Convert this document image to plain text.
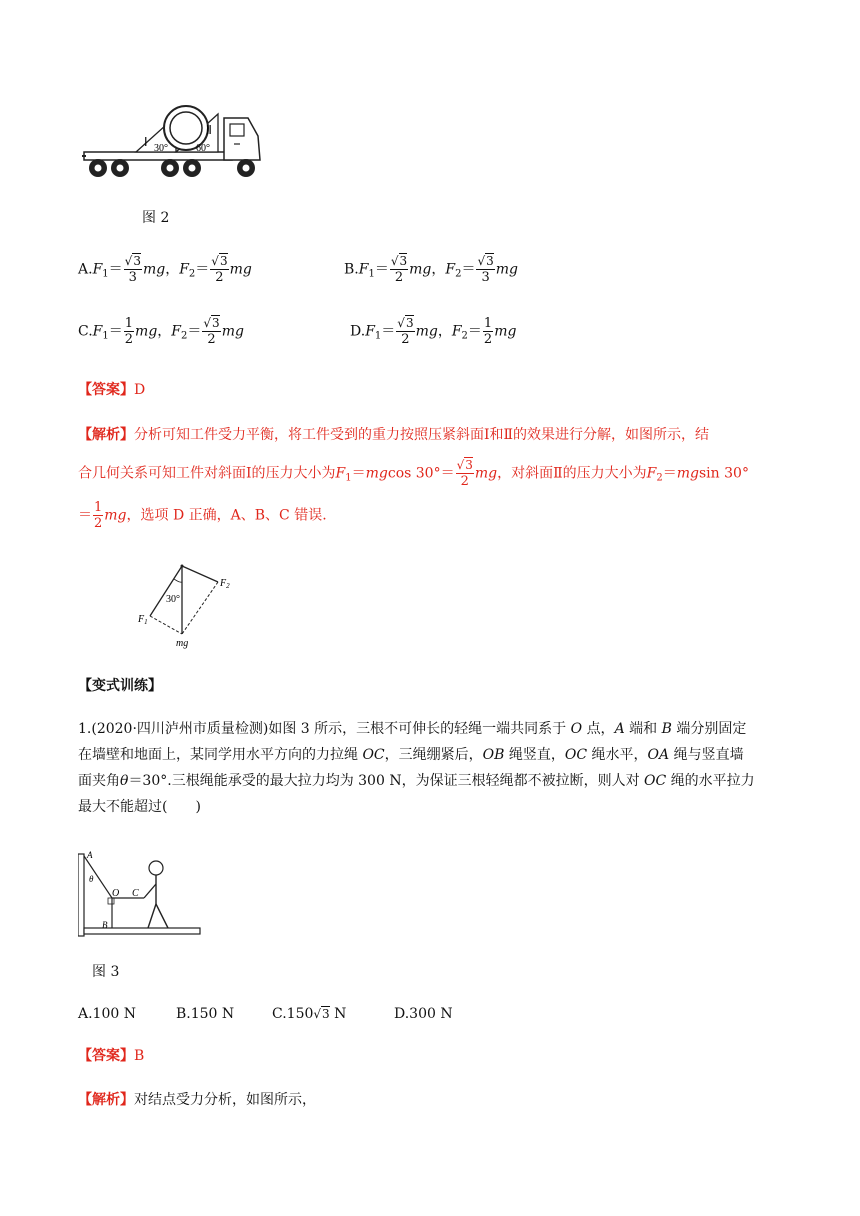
Ⅰ
Ⅱ
30°	60°
图 2
$A.F_1= \frac{√3}{3}$ mg，$F_2= \frac{√3}{2}$ mg	$B.F_1= \frac{√3}{2}$ mg，$F_2= \frac{√3}{3}$ mg
$C.F_1= \frac{1}{2}$ mg，$F_2= \frac{√3}{2}$ mg	$D.F_1= \frac{√3}{2}$ mg，$F_2= \frac{1}{2}$ mg
【答案】D
【解析】分析可知工件受力平衡，将工件受到的重力按照压紧斜面Ⅰ和Ⅱ的效果进行分解，如图所示，结
合几何关系可知工件对斜面Ⅰ的压力大小为$F_1=mgcos$ $30^\circ= \frac{√3}{2}$ mg，对斜面Ⅱ的压力大小为$F_2=mgsin$ 30°
＝ $\frac{1}{2}$ mg，选项 D 正确，A、B、C 错误.
30°
$F_2$
$F_1$
mg
【变式训练】
1.(2020·四川泸州市质量检测)如图 3 所示，三根不可伸长的轻绳一端共同系于 O 点，A 端和 B 端分别固定
在墙壁和地面上，某同学用水平方向的力拉绳 OC，三绳绷紧后，OB 绳竖直，OC 绳水平，OA 绳与竖直墙
面夹角θ＝30°.三根绳能承受的最大拉力均为 300 N，为保证三根轻绳都不被拉断，则人对 OC 绳的水平拉力
最大不能超过(　　)
A
θ
O C
B
图 3
A.100 N	B.150 N	C.150√3 N	D.300 N
【答案】B
【解析】对结点受力分析，如图所示，
